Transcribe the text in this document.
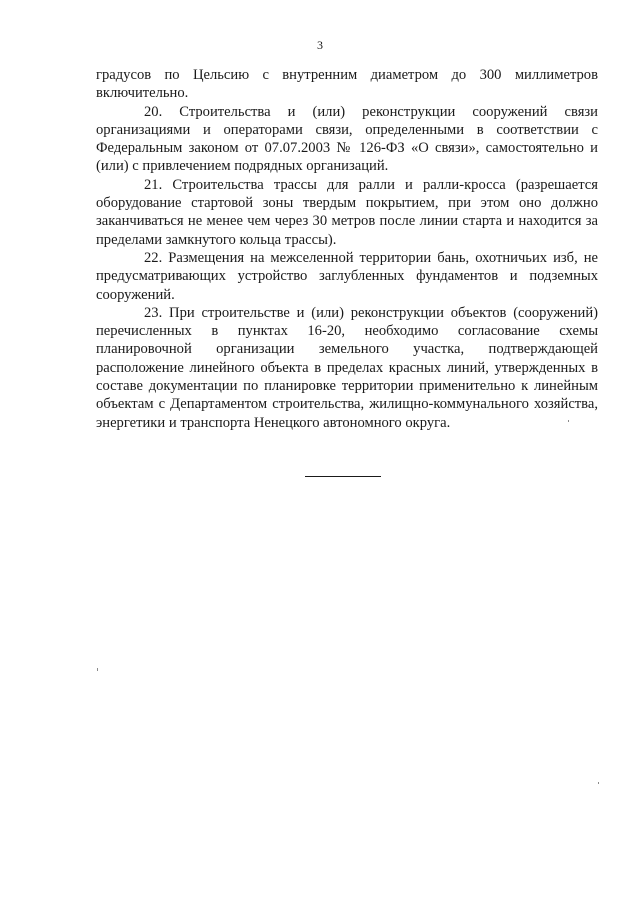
3

градусов по Цельсию с внутренним диаметром до 300 миллиметров включительно.

20. Строительства и (или) реконструкции сооружений связи организациями и операторами связи, определенными в соответствии с Федеральным законом от 07.07.2003 № 126-ФЗ «О связи», самостоятельно и (или) с привлечением подрядных организаций.

21. Строительства трассы для ралли и ралли-кросса (разрешается оборудование стартовой зоны твердым покрытием, при этом оно должно заканчиваться не менее чем через 30 метров после линии старта и находится за пределами замкнутого кольца трассы).

22. Размещения на межселенной территории бань, охотничьих изб, не предусматривающих устройство заглубленных фундаментов и подземных сооружений.

23. При строительстве и (или) реконструкции объектов (сооружений) перечисленных в пунктах 16-20, необходимо согласование схемы планировочной организации земельного участка, подтверждающей расположение линейного объекта в пределах красных линий, утвержденных в составе документации по планировке территории применительно к линейным объектам с Департаментом строительства, жилищно-коммунального хозяйства, энергетики и транспорта Ненецкого автономного округа.
